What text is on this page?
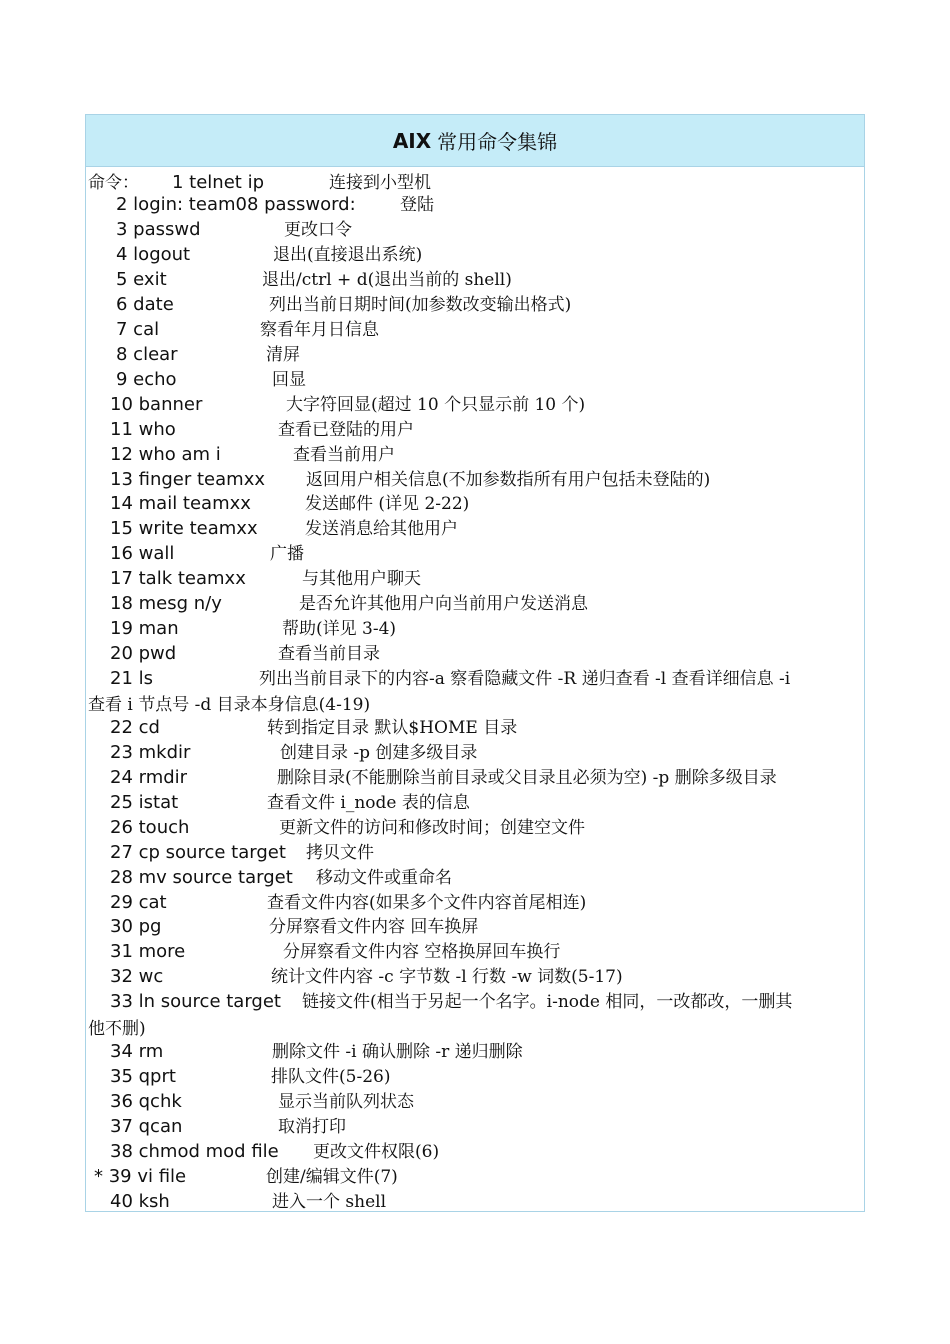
AIX 常用命令集锦
命令： 1 telnet ip	连接到小型机
2 login: team08 password:	登陆
3 passwd	更改口令
4 logout	退出(直接退出系统)
5 exit	退出/ctrl + d(退出当前的 shell)
6 date	列出当前日期时间(加参数改变输出格式)
7 cal	察看年月日信息
8 clear	清屏
9 echo	回显
10 banner	大字符回显(超过 10 个只显示前 10 个)
11 who	查看已登陆的用户
12 who am i	查看当前用户
13 finger teamxx 返回用户相关信息(不加参数指所有用户包括未登陆的)
14 mail teamxx	发送邮件 (详见 2-22)
15 write teamxx	发送消息给其他用户
16 wall	广播
17 talk teamxx	与其他用户聊天
18 mesg n/y	是否允许其他用户向当前用户发送消息
19 man	帮助(详见 3-4)
20 pwd	查看当前目录
21 ls	列出当前目录下的内容-a 察看隐藏文件 -R 递归查看 -l 查看详细信息 -i
查看 i 节点号 -d 目录本身信息(4-19)
22 cd	转到指定目录 默认$HOME 目录
23 mkdir	创建目录 -p 创建多级目录
24 rmdir	删除目录(不能删除当前目录或父目录且必须为空) -p 删除多级目录
25 istat	查看文件 i_node 表的信息
26 touch	更新文件的访问和修改时间；创建空文件
27 cp source target 拷贝文件
28 mv source target 移动文件或重命名
29 cat	查看文件内容(如果多个文件内容首尾相连)
30 pg	分屏察看文件内容 回车换屏
31 more	分屏察看文件内容 空格换屏回车换行
32 wc	统计文件内容 -c 字节数 -l 行数 -w 词数(5-17)
33 ln source target 链接文件(相当于另起一个名字。i-node 相同，一改都改，一删其
他不删)
34 rm	删除文件 -i 确认删除 -r 递归删除
35 qprt	排队文件(5-26)
36 qchk	显示当前队列状态
37 qcan	取消打印
38 chmod mod file 更改文件权限(6)
* 39 vi file	创建/编辑文件(7)
40 ksh	进入一个 shell
